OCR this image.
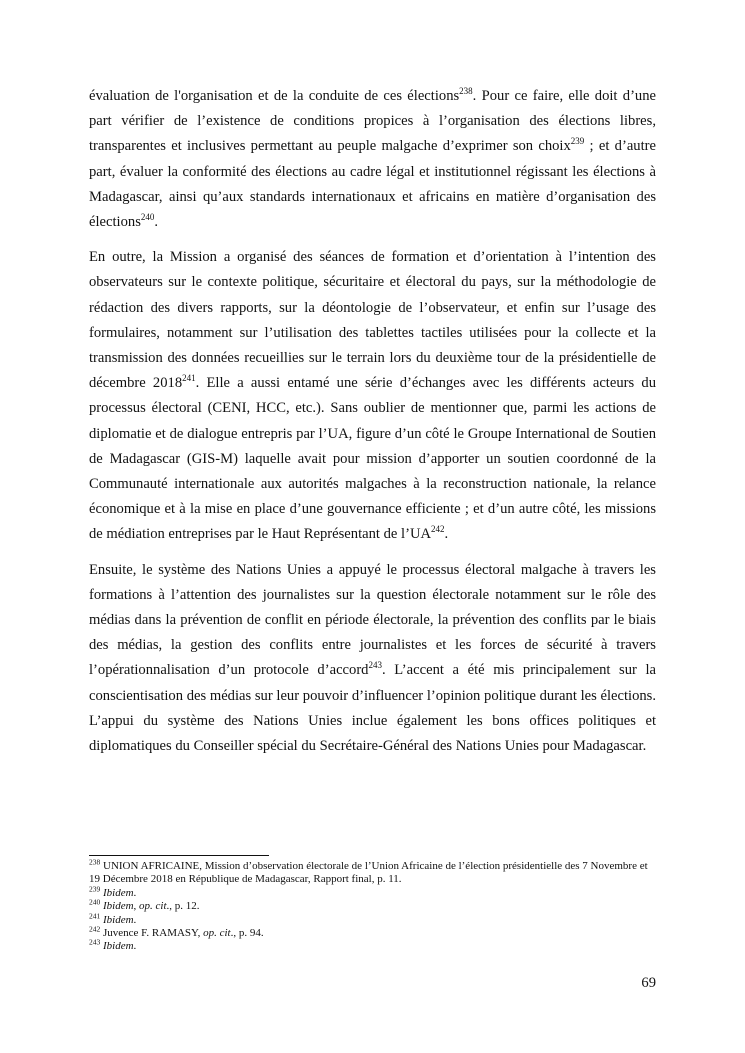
évaluation de l'organisation et de la conduite de ces élections$^{238}$. Pour ce faire, elle doit d’une part vérifier de l’existence de conditions propices à l’organisation des élections libres, transparentes et inclusives permettant au peuple malgache d’exprimer son choix$^{239}$ ; et d’autre part, évaluer la conformité des élections au cadre légal et institutionnel régissant les élections à Madagascar, ainsi qu’aux standards internationaux et africains en matière d’organisation des élections$^{240}$.

En outre, la Mission a organisé des séances de formation et d’orientation à l’intention des observateurs sur le contexte politique, sécuritaire et électoral du pays, sur la méthodologie de rédaction des divers rapports, sur la déontologie de l’observateur, et enfin sur l’usage des formulaires, notamment sur l’utilisation des tablettes tactiles utilisées pour la collecte et la transmission des données recueillies sur le terrain lors du deuxième tour de la présidentielle de décembre 2018$^{241}$. Elle a aussi entamé une série d’échanges avec les différents acteurs du processus électoral (CENI, HCC, etc.). Sans oublier de mentionner que, parmi les actions de diplomatie et de dialogue entrepris par l’UA, figure d’un côté le Groupe International de Soutien de Madagascar (GIS-M) laquelle avait pour mission d’apporter un soutien coordonné de la Communauté internationale aux autorités malgaches à la reconstruction nationale, la relance économique et à la mise en place d’une gouvernance efficiente ; et d’un autre côté, les missions de médiation entreprises par le Haut Représentant de l’UA$^{242}$.

Ensuite, le système des Nations Unies a appuyé le processus électoral malgache à travers les formations à l’attention des journalistes sur la question électorale notamment sur le rôle des médias dans la prévention de conflit en période électorale, la prévention des conflits par le biais des médias, la gestion des conflits entre journalistes et les forces de sécurité à travers l’opérationnalisation d’un protocole d’accord$^{243}$. L’accent a été mis principalement sur la conscientisation des médias sur leur pouvoir d’influencer l’opinion politique durant les élections. L’appui du système des Nations Unies inclue également les bons offices politiques et diplomatiques du Conseiller spécial du Secrétaire-Général des Nations Unies pour Madagascar.

$^{238}$ UNION AFRICAINE, Mission d’observation électorale de l’Union Africaine de l’élection présidentielle des 7 Novembre et 19 Décembre 2018 en République de Madagascar, Rapport final, p. 11.
$^{239}$ Ibidem.
$^{240}$ Ibidem, op. cit., p. 12.
$^{241}$ Ibidem.
$^{242}$ Juvence F. RAMASY, op. cit., p. 94.
$^{243}$ Ibidem.
69
